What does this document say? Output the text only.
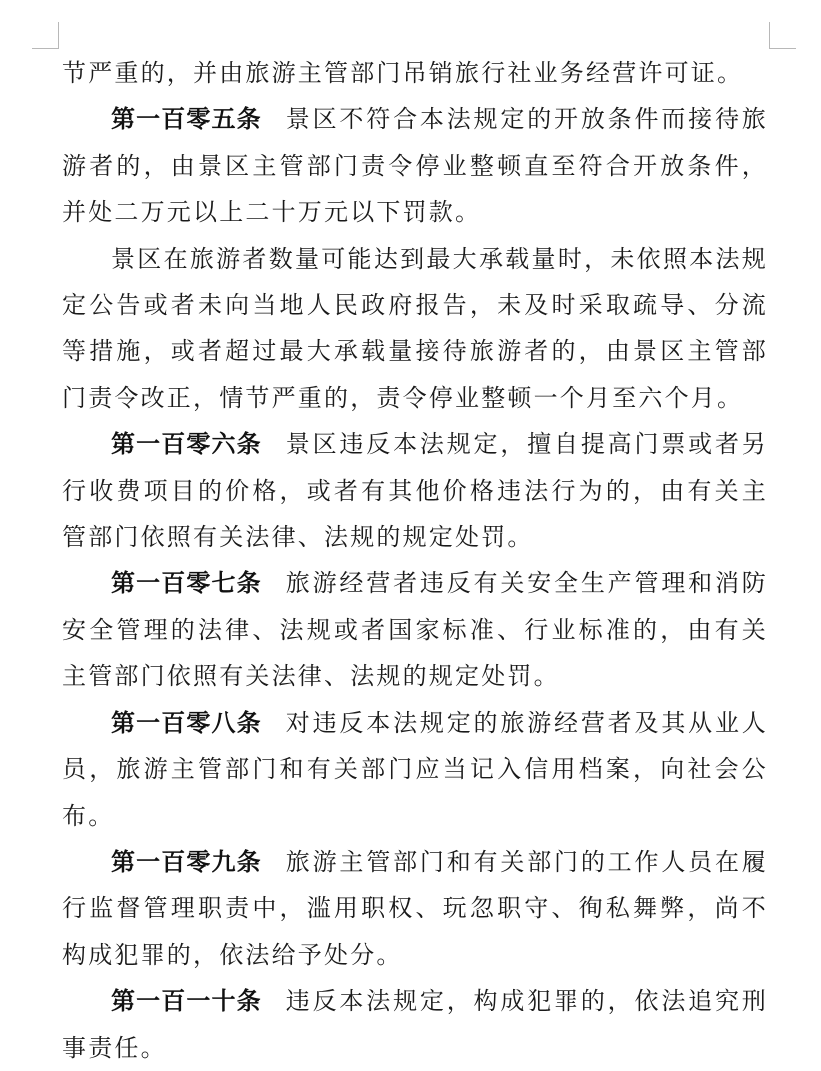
节严重的，并由旅游主管部门吊销旅行社业务经营许可证。

第一百零五条 景区不符合本法规定的开放条件而接待旅游者的，由景区主管部门责令停业整顿直至符合开放条件，并处二万元以上二十万元以下罚款。

景区在旅游者数量可能达到最大承载量时，未依照本法规定公告或者未向当地人民政府报告，未及时采取疏导、分流等措施，或者超过最大承载量接待旅游者的，由景区主管部门责令改正，情节严重的，责令停业整顿一个月至六个月。

第一百零六条 景区违反本法规定，擅自提高门票或者另行收费项目的价格，或者有其他价格违法行为的，由有关主管部门依照有关法律、法规的规定处罚。

第一百零七条 旅游经营者违反有关安全生产管理和消防安全管理的法律、法规或者国家标准、行业标准的，由有关主管部门依照有关法律、法规的规定处罚。

第一百零八条 对违反本法规定的旅游经营者及其从业人员，旅游主管部门和有关部门应当记入信用档案，向社会公布。

第一百零九条 旅游主管部门和有关部门的工作人员在履行监督管理职责中，滥用职权、玩忽职守、徇私舞弊，尚不构成犯罪的，依法给予处分。

第一百一十条 违反本法规定，构成犯罪的，依法追究刑事责任。
